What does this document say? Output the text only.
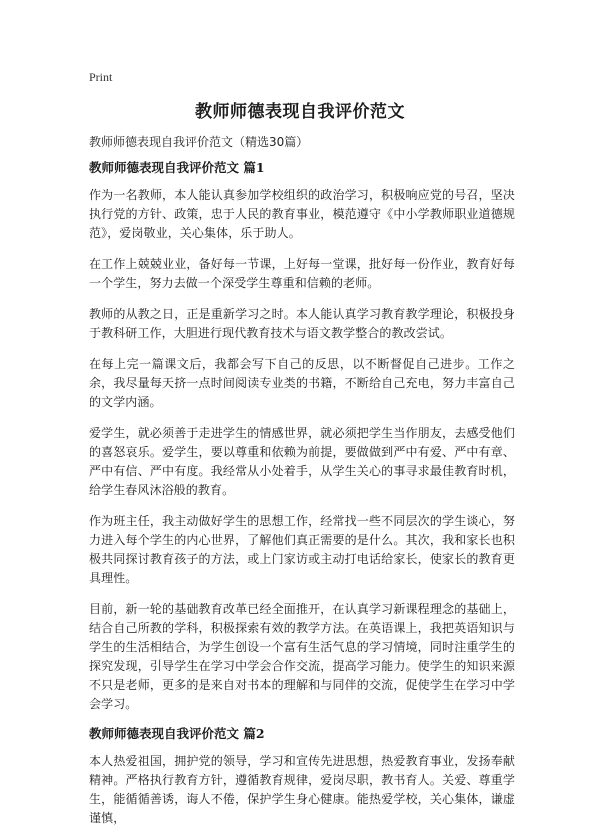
Print
教师师德表现自我评价范文
教师师德表现自我评价范文（精选30篇）
教师师德表现自我评价范文 篇1

作为一名教师，本人能认真参加学校组织的政治学习，积极响应党的号召，坚决执行党的方针、政策，忠于人民的教育事业，模范遵守《中小学教师职业道德规范》，爱岗敬业，关心集体，乐于助人。

在工作上兢兢业业，备好每一节课，上好每一堂课，批好每一份作业，教育好每一个学生，努力去做一个深受学生尊重和信赖的老师。

教师的从教之日，正是重新学习之时。本人能认真学习教育教学理论，积极投身于教科研工作，大胆进行现代教育技术与语文教学整合的教改尝试。

在每上完一篇课文后，我都会写下自己的反思，以不断督促自己进步。工作之余，我尽量每天挤一点时间阅读专业类的书籍，不断给自己充电，努力丰富自己的文学内涵。

爱学生，就必须善于走进学生的情感世界，就必须把学生当作朋友，去感受他们的喜怒哀乐。爱学生，要以尊重和依赖为前提，要做做到严中有爱、严中有章、严中有信、严中有度。我经常从小处着手，从学生关心的事寻求最佳教育时机，给学生春风沐浴般的教育。

作为班主任，我主动做好学生的思想工作，经常找一些不同层次的学生谈心，努力进入每个学生的内心世界，了解他们真正需要的是什么。其次，我和家长也积极共同探讨教育孩子的方法，或上门家访或主动打电话给家长，使家长的教育更具理性。

目前，新一轮的基础教育改革已经全面推开，在认真学习新课程理念的基础上，结合自己所教的学科，积极探索有效的教学方法。在英语课上，我把英语知识与学生的生活相结合，为学生创设一个富有生活气息的学习情境，同时注重学生的探究发现，引导学生在学习中学会合作交流，提高学习能力。使学生的知识来源不只是老师，更多的是来自对书本的理解和与同伴的交流，促使学生在学习中学会学习。

教师师德表现自我评价范文 篇2

本人热爱祖国，拥护党的领导，学习和宣传先进思想，热爱教育事业，发扬奉献精神。严格执行教育方针，遵循教育规律，爱岗尽职，教书育人。关爱、尊重学生，能循循善诱，诲人不倦，保护学生身心健康。能热爱学校，关心集体，谦虚谨慎，
